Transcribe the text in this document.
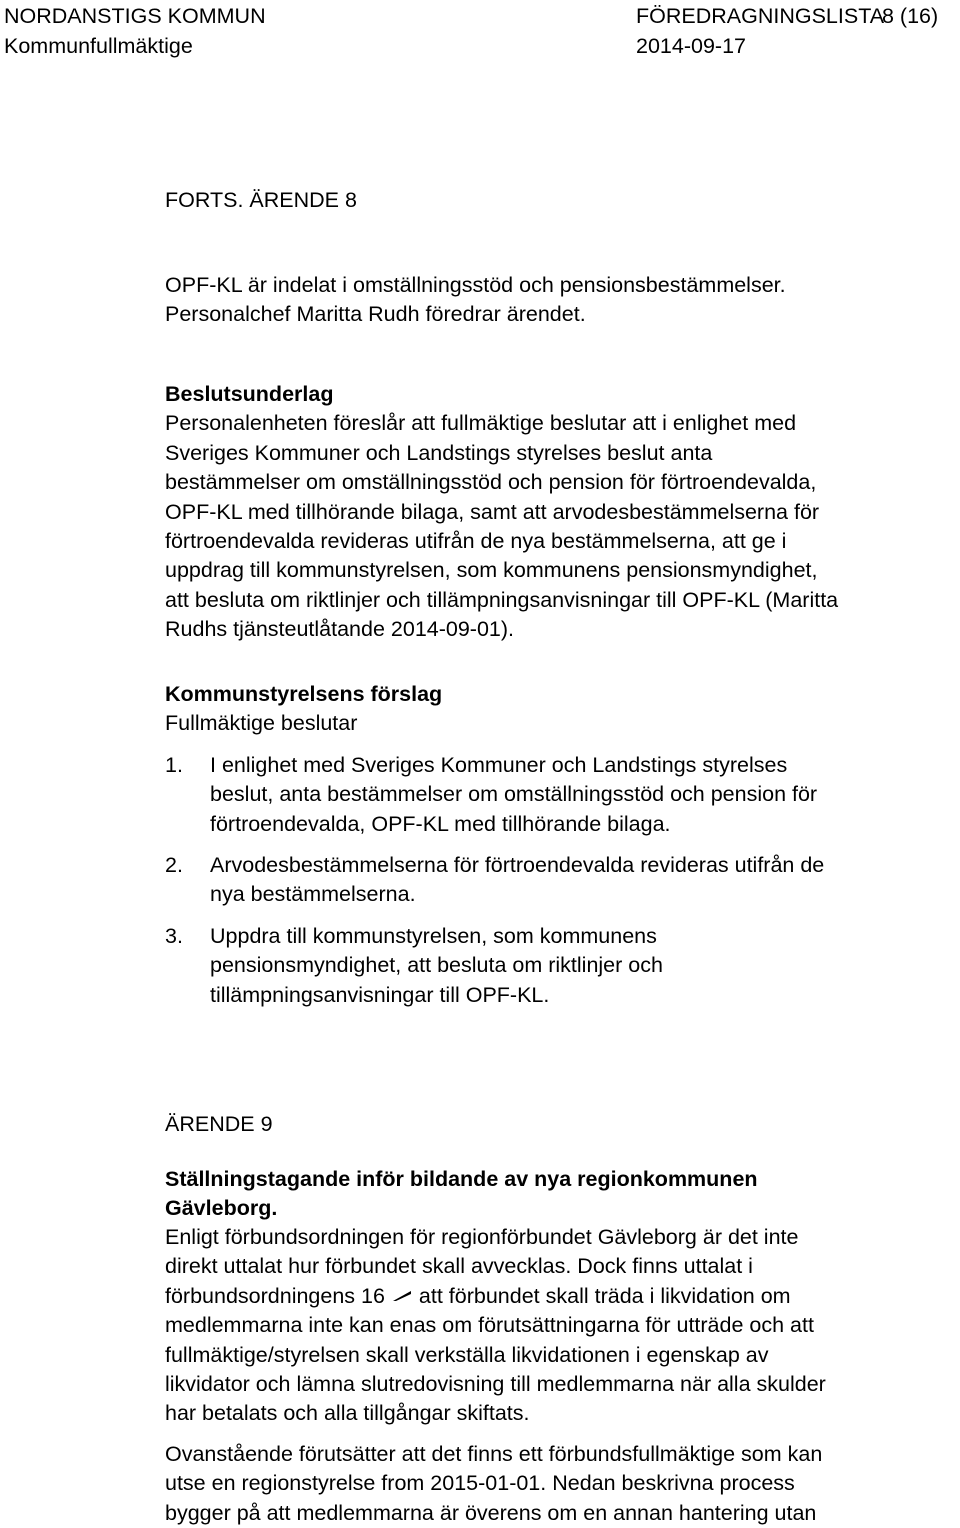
NORDANSTIGS KOMMUN	FÖREDRAGNINGSLISTA
8 (16)
Kommunfullmäktige	2014-09-17
FORTS. ÄRENDE 8
OPF-KL är indelat i omställningsstöd och pensionsbestämmelser.
Personalchef Maritta Rudh föredrar ärendet.
Beslutsunderlag
Personalenheten föreslår att fullmäktige beslutar att i enlighet med
Sveriges Kommuner och Landstings styrelses beslut anta
bestämmelser om omställningsstöd och pension för förtroendevalda,
OPF-KL med tillhörande bilaga, samt att arvodesbestämmelserna för
förtroendevalda revideras utifrån de nya bestämmelserna, att ge i
uppdrag till kommunstyrelsen, som kommunens pensionsmyndighet,
att besluta om riktlinjer och tillämpningsanvisningar till OPF-KL (Maritta
Rudhs tjänsteutlåtande 2014-09-01).
Kommunstyrelsens förslag
Fullmäktige beslutar
1. I enlighet med Sveriges Kommuner och Landstings styrelses
beslut, anta bestämmelser om omställningsstöd och pension för
förtroendevalda, OPF-KL med tillhörande bilaga.
2. Arvodesbestämmelserna för förtroendevalda revideras utifrån de
nya bestämmelserna.
3. Uppdra till kommunstyrelsen, som kommunens
pensionsmyndighet, att besluta om riktlinjer och
tillämpningsanvisningar till OPF-KL.
ÄRENDE 9
Ställningstagande inför bildande av nya regionkommunen
Gävleborg.
Enligt förbundsordningen för regionförbundet Gävleborg är det inte
direkt uttalat hur förbundet skall avvecklas. Dock finns uttalat i
förbundsordningens 16 att förbundet skall träda i likvidation om
medlemmarna inte kan enas om förutsättningarna för utträde och att
fullmäktige/styrelsen skall verkställa likvidationen i egenskap av
likvidator och lämna slutredovisning till medlemmarna när alla skulder
har betalats och alla tillgångar skiftats.
Ovanstående förutsätter att det finns ett förbundsfullmäktige som kan
utse en regionstyrelse from 2015-01-01. Nedan beskrivna process
bygger på att medlemmarna är överens om en annan hantering utan
